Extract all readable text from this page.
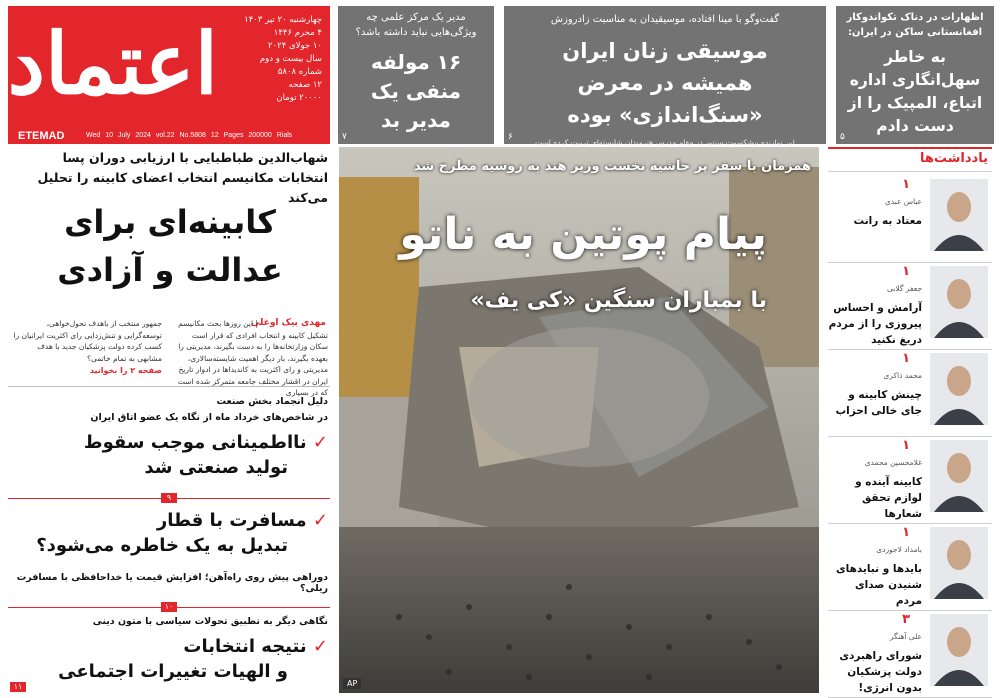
اعتماد	چهارشنبه ۲۰ تیر ۱۴۰۳
۴ محرم ۱۴۴۶
۱۰ جولای ۲۰۲۴
سال بیست و دوم
شماره ۵۸۰۸
۱۲ صفحه
۲۰۰۰۰ تومان
ETEMAD	Wed 10 July 2024 vol.22 No.5808 12 Pages 200000 Rials
مدیر یک مرکز علمی چه ویژگی‌هایی نباید داشته باشد؟
۱۶ مولفه منفی یک مدیر بد
۷
گفت‌وگو با مینا افتاده، موسیقیدان به مناسبت زادروزش
موسیقی زنان ایران همیشه در معرض «سنگ‌اندازی» بوده
این نوازنده پیشکسوت سنتور در مقام مدرس هنرمندان شایسته‌ای تربیت کرده است
۶
اظهارات در دناک تکواندوکار افغانستانی ساکن در ایران:
به خاطر سهل‌انگاری اداره اتباع، المپیک را از دست دادم
۵
شهاب‌الدین طباطبایی با ارزیابی دوران پسا انتخابات مکانیسم انتخاب اعضای کابینه را تحلیل می‌کند
کابینه‌ای برای
عدالت و آزادی
مهدی بیک اوغلی
| این روزها بحث مکانیسم تشکیل کابینه و انتخاب افرادی که قرار است سکان وزارتخانه‌ها را به دست بگیرند، مدیریتی را بعهده بگیرند، بار دیگر اهمیت شایسته‌سالاری، مدیریتی و رای اکثریت به کاندیداها در ادوار تاریخ ایران در اقشار مختلف جامعه متمرکز شده است که در بسیاری
جمهور منتخب از باهدف تحول‌خواهی، توسعه‌گرایی و تنش‌زدایی رای اکثریت ایرانیان را کسب کرده دولت پزشکیان جدید با هدف مشابهی به تمام خاتمی؟
صفحه ۲ را بخوانید
دلیل انجماد بخش صنعت
در شاخص‌های خرداد ماه از نگاه یک عضو اتاق ایران
✓ نااطمینانی موجب سقوط
تولید صنعتی شد
۹
✓ مسافرت با قطار
تبدیل به یک خاطره می‌شود؟
دوراهی پیش روی راه‌آهن؛ افزایش قیمت یا خداحافظی با مسافرت ریلی؟
۱۰
نگاهی دیگر به تطبیق تحولات سیاسی با متون دینی
✓ نتیجه انتخابات
و الهیات تغییرات اجتماعی
۱۱
همزمان با سفر پر حاشیه نخست وزیر هند به روسیه مطرح شد
پیام پوتین به ناتو
با بمباران سنگین «کی یف»
AP
یادداشت‌ها
۱
عباس عبدی
معتاد به رانت
۱
جعفر گلابی
آرامش و احساس پیروزی را از مردم دریغ نکنید
۱
محمد ذاکری
چینش کابینه و جای خالی احزاب
۱
غلامحسین محمدی
کابینه آینده و لوازم تحقق شعارها
۱
بامداد لاجوردی
بایدها و نبایدهای شنیدن صدای مردم
۳
علی آهنگر
شورای راهبردی دولت پزشکیان بدون انرژی!
